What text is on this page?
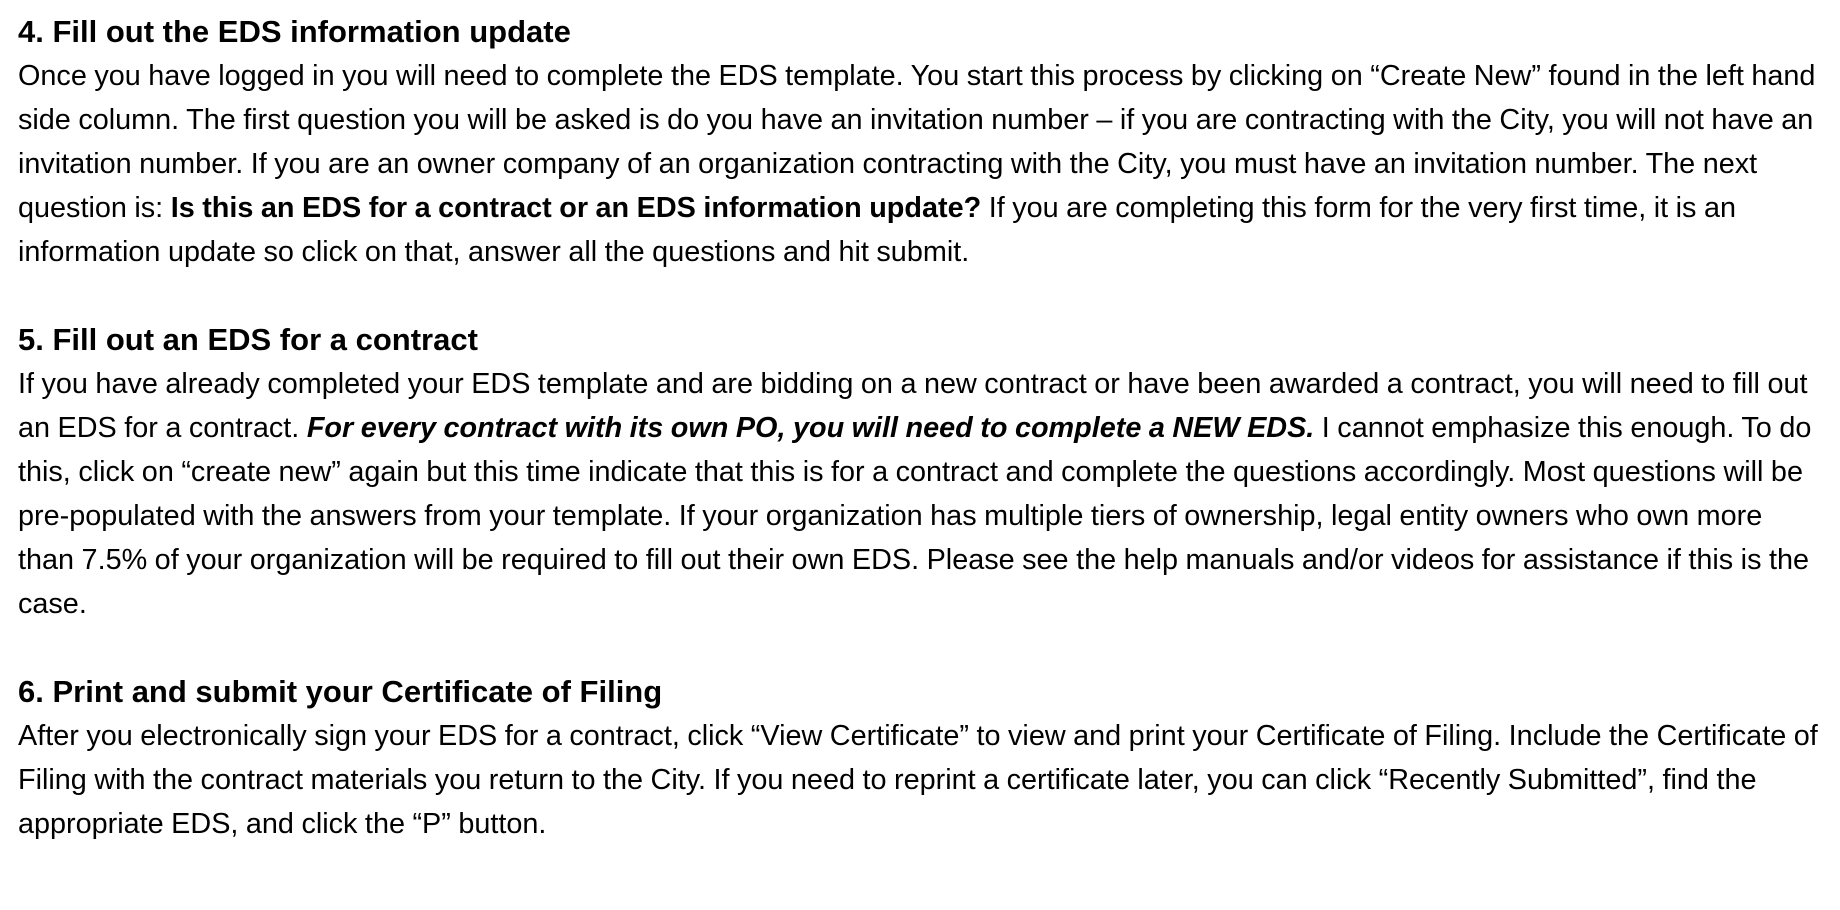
4. Fill out the EDS information update

Once you have logged in you will need to complete the EDS template. You start this process by clicking on “Create New” found in the left hand side column. The first question you will be asked is do you have an invitation number – if you are contracting with the City, you will not have an invitation number. If you are an owner company of an organization contracting with the City, you must have an invitation number. The next question is: Is this an EDS for a contract or an EDS information update? If you are completing this form for the very first time, it is an information update so click on that, answer all the questions and hit submit.

5. Fill out an EDS for a contract

If you have already completed your EDS template and are bidding on a new contract or have been awarded a contract, you will need to fill out an EDS for a contract. For every contract with its own PO, you will need to complete a NEW EDS. I cannot emphasize this enough. To do this, click on “create new” again but this time indicate that this is for a contract and complete the questions accordingly. Most questions will be pre-populated with the answers from your template. If your organization has multiple tiers of ownership, legal entity owners who own more than 7.5% of your organization will be required to fill out their own EDS. Please see the help manuals and/or videos for assistance if this is the case.

6. Print and submit your Certificate of Filing

After you electronically sign your EDS for a contract, click “View Certificate” to view and print your Certificate of Filing. Include the Certificate of Filing with the contract materials you return to the City. If you need to reprint a certificate later, you can click “Recently Submitted”, find the appropriate EDS, and click the “P” button.
